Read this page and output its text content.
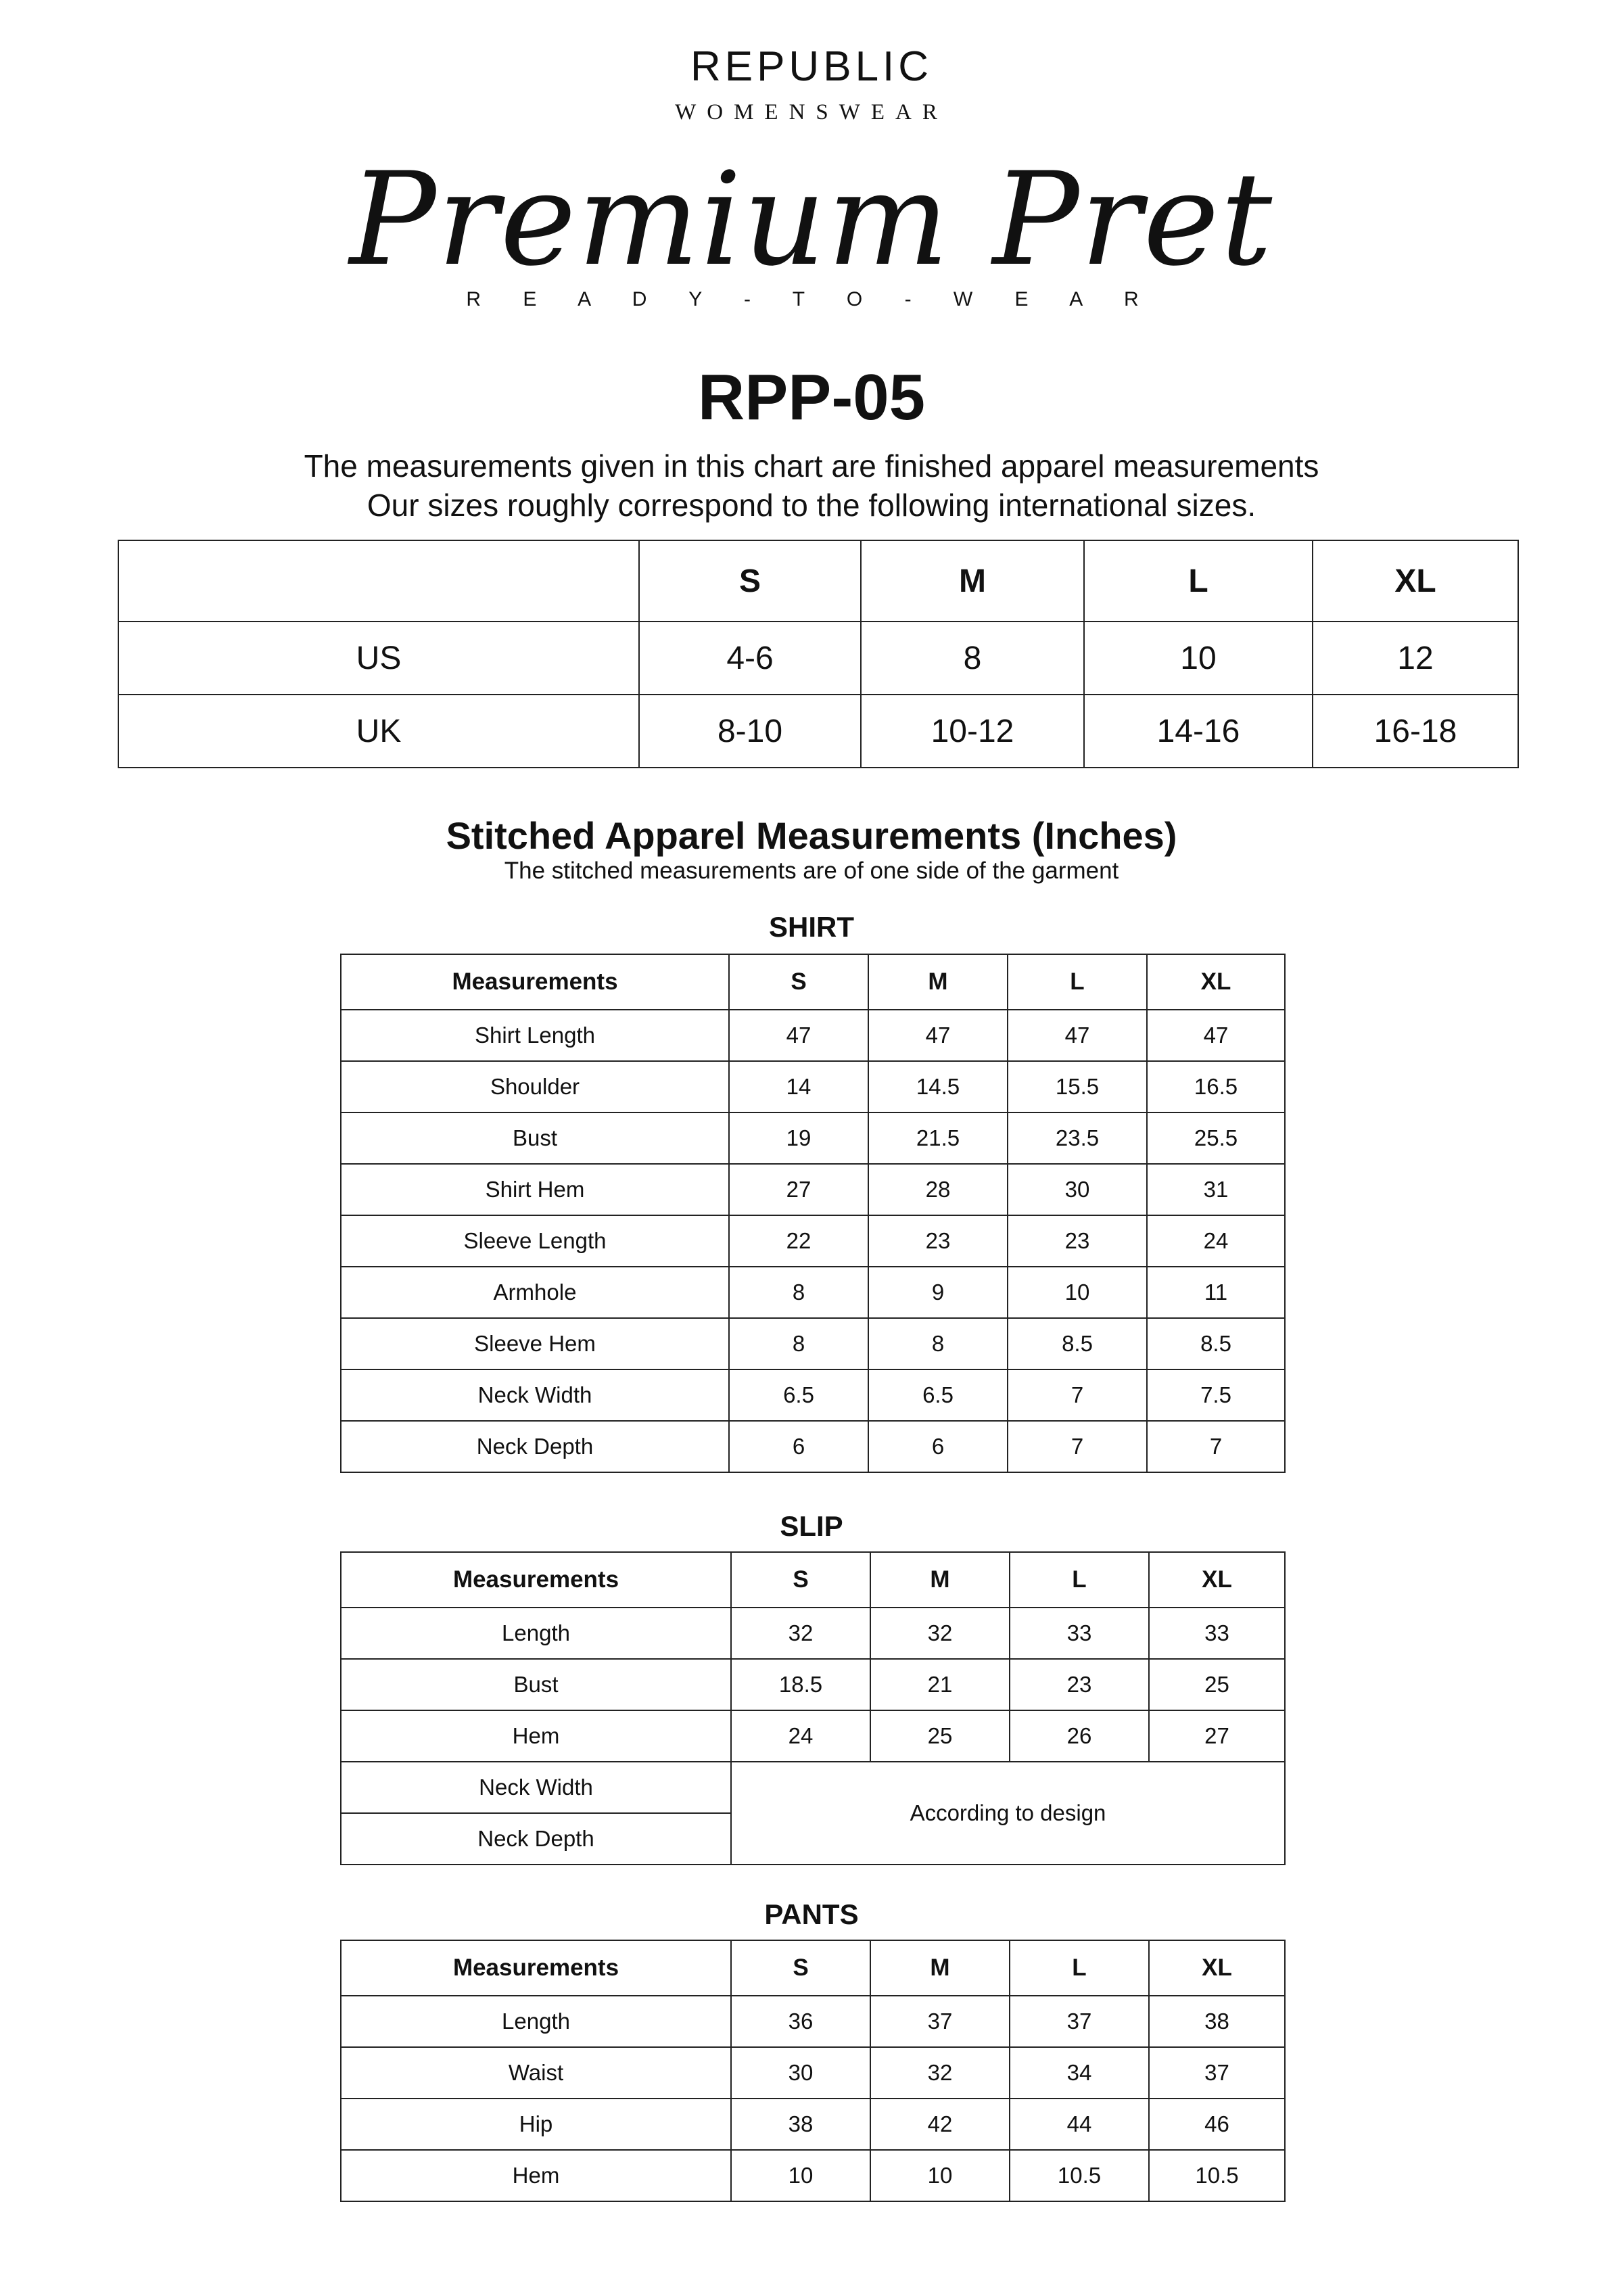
REPUBLIC
WOMENSWEAR
Premium Pret
R E A D Y - T O - W E A R
RPP-05
The measurements given in this chart are finished apparel measurements
Our sizes roughly correspond to the following international sizes.
	S	M	L	XL
US	4-6	8	10	12
UK	8-10	10-12	14-16	16-18
Stitched Apparel Measurements (Inches)
The stitched measurements are of one side of the garment
SHIRT
Measurements	S	M	L	XL
Shirt Length	47	47	47	47
Shoulder	14	14.5	15.5	16.5
Bust	19	21.5	23.5	25.5
Shirt Hem	27	28	30	31
Sleeve Length	22	23	23	24
Armhole	8	9	10	11
Sleeve Hem	8	8	8.5	8.5
Neck Width	6.5	6.5	7	7.5
Neck Depth	6	6	7	7
SLIP
Measurements	S	M	L	XL
Length	32	32	33	33
Bust	18.5	21	23	25
Hem	24	25	26	27
Neck Width	According to design			
Neck Depth				
PANTS
Measurements	S	M	L	XL
Length	36	37	37	38
Waist	30	32	34	37
Hip	38	42	44	46
Hem	10	10	10.5	10.5
